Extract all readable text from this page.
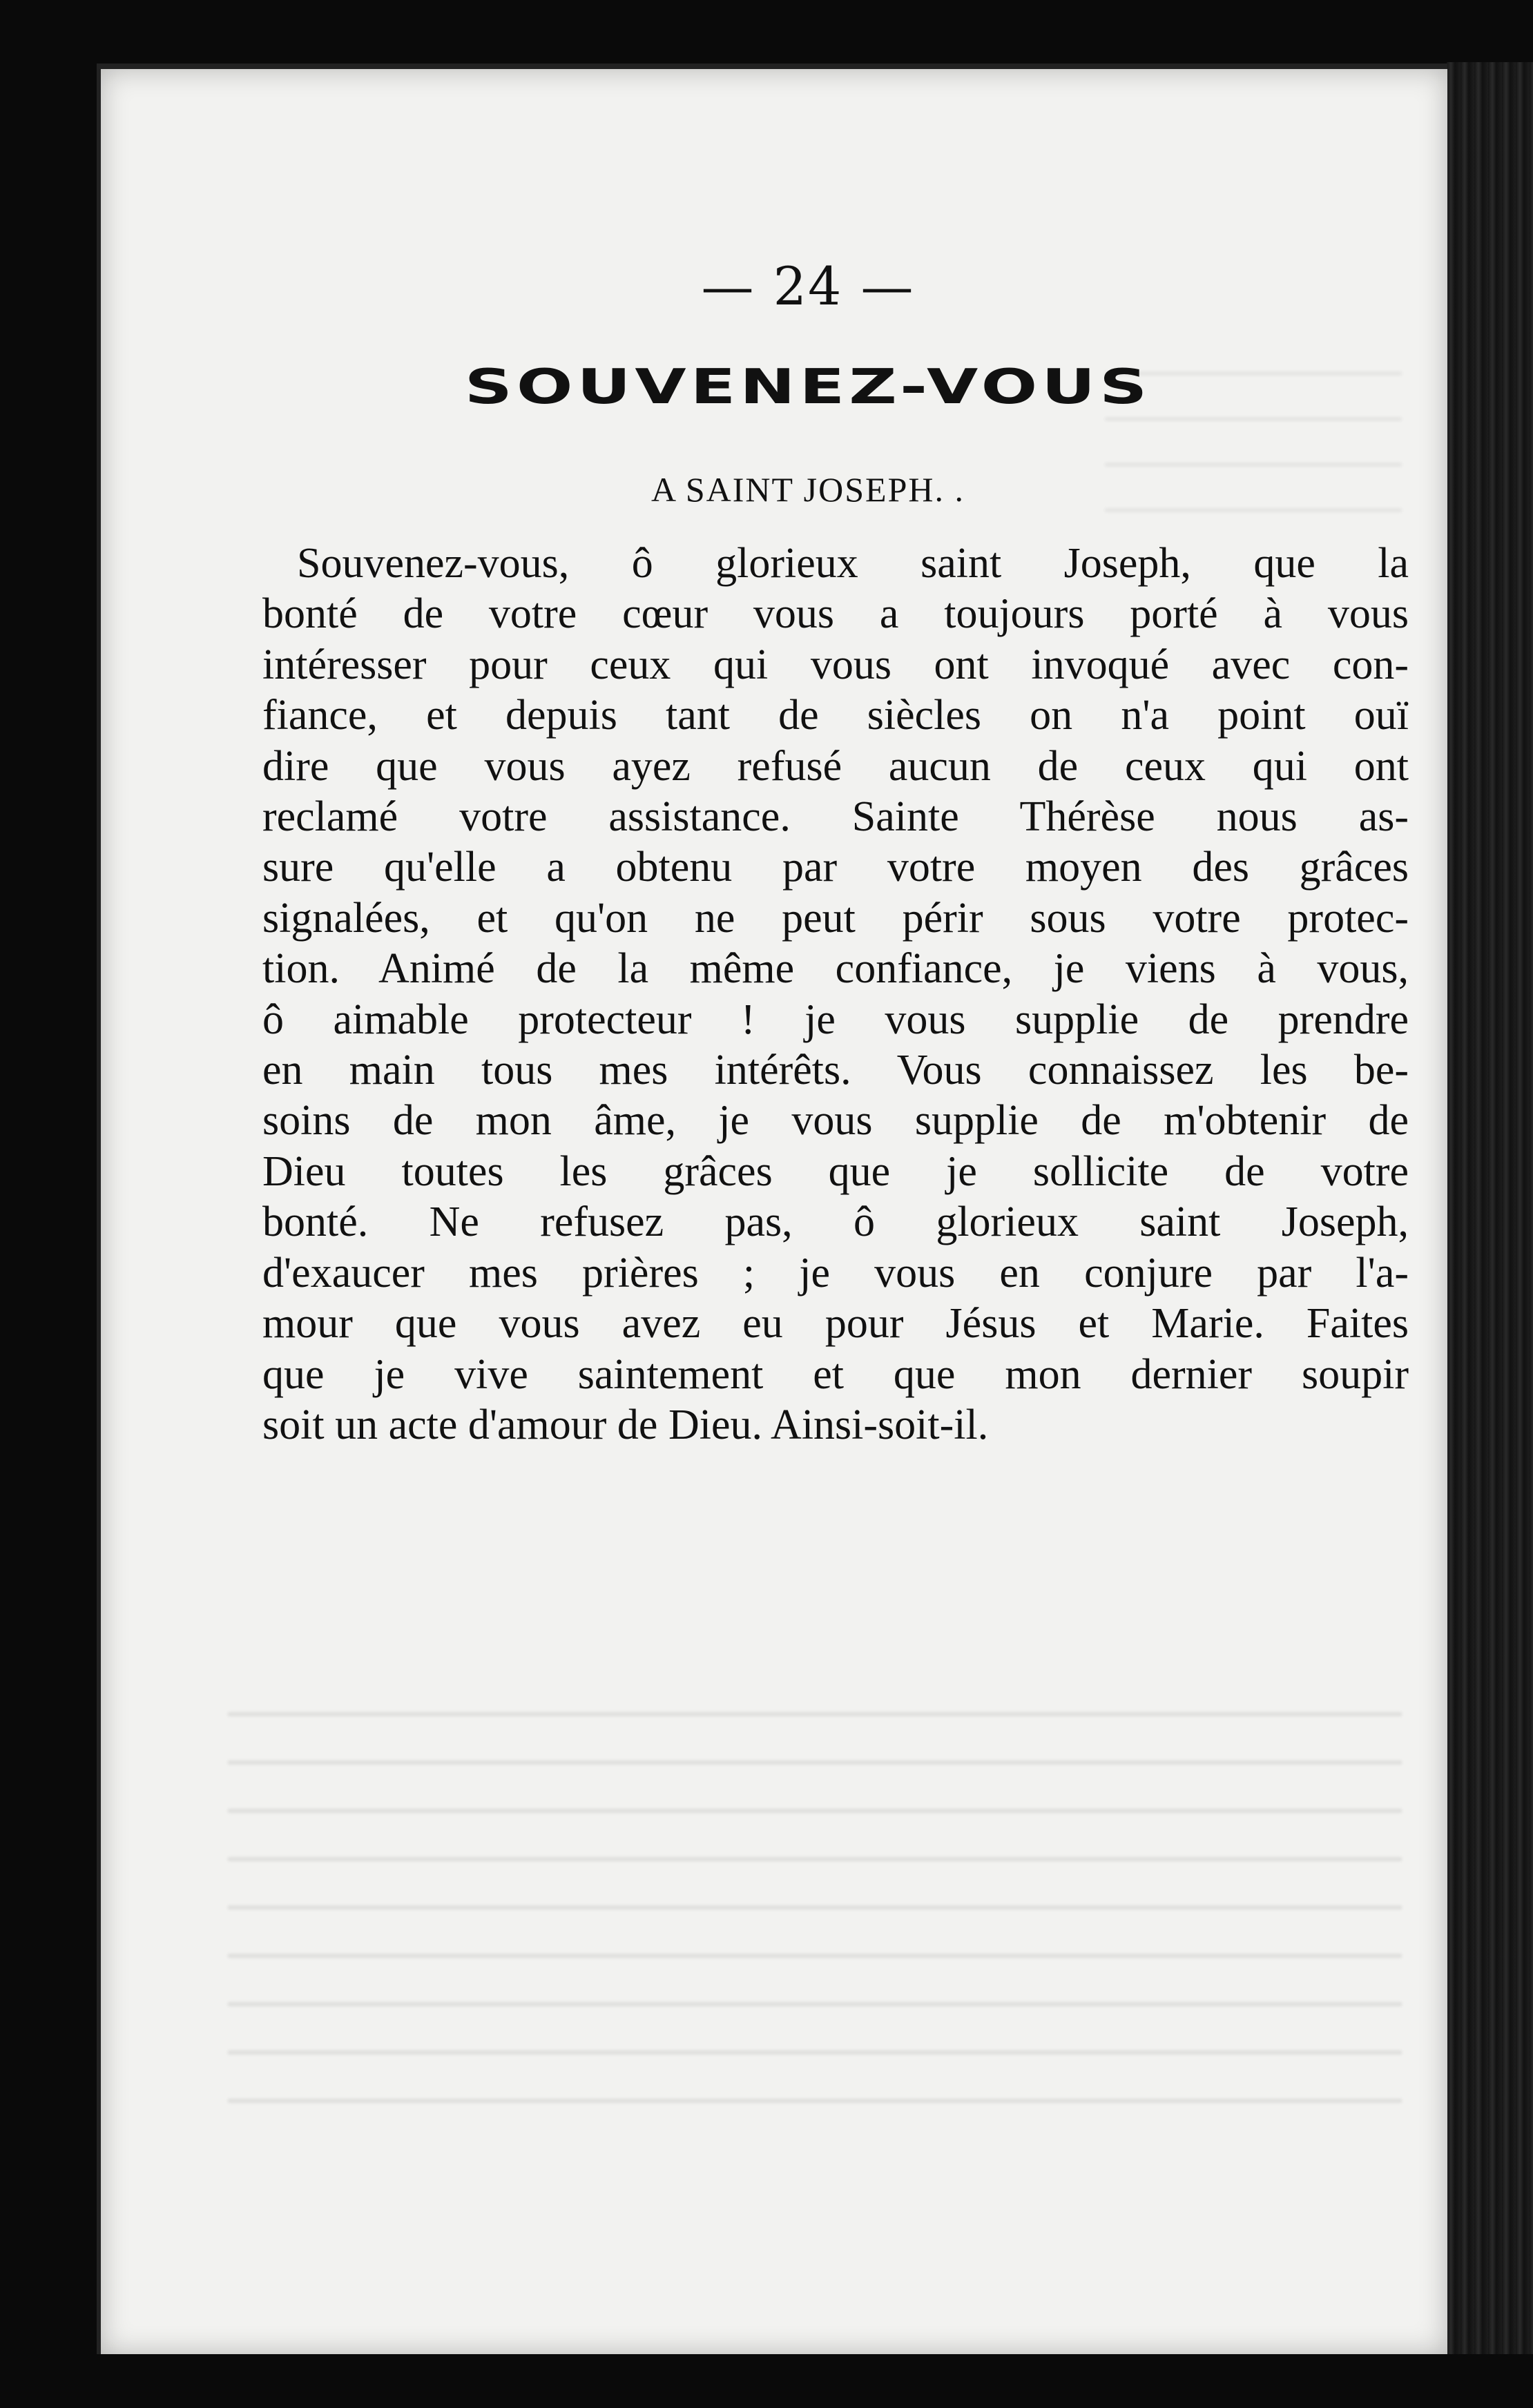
— 24 —
SOUVENEZ-VOUS
A SAINT JOSEPH. .
Souvenez-vous, ô glorieux saint Joseph, que la
bonté de votre cœur vous a toujours porté à vous
intéresser pour ceux qui vous ont invoqué avec con-
fiance, et depuis tant de siècles on n'a point ouï
dire que vous ayez refusé aucun de ceux qui ont
reclamé votre assistance. Sainte Thérèse nous as-
sure qu'elle a obtenu par votre moyen des grâces
signalées, et qu'on ne peut périr sous votre protec-
tion. Animé de la même confiance, je viens à vous,
ô aimable protecteur ! je vous supplie de prendre
en main tous mes intérêts. Vous connaissez les be-
soins de mon âme, je vous supplie de m'obtenir de
Dieu toutes les grâces que je sollicite de votre
bonté. Ne refusez pas, ô glorieux saint Joseph,
d'exaucer mes prières ; je vous en conjure par l'a-
mour que vous avez eu pour Jésus et Marie. Faites
que je vive saintement et que mon dernier soupir
soit un acte d'amour de Dieu. Ainsi-soit-il.
